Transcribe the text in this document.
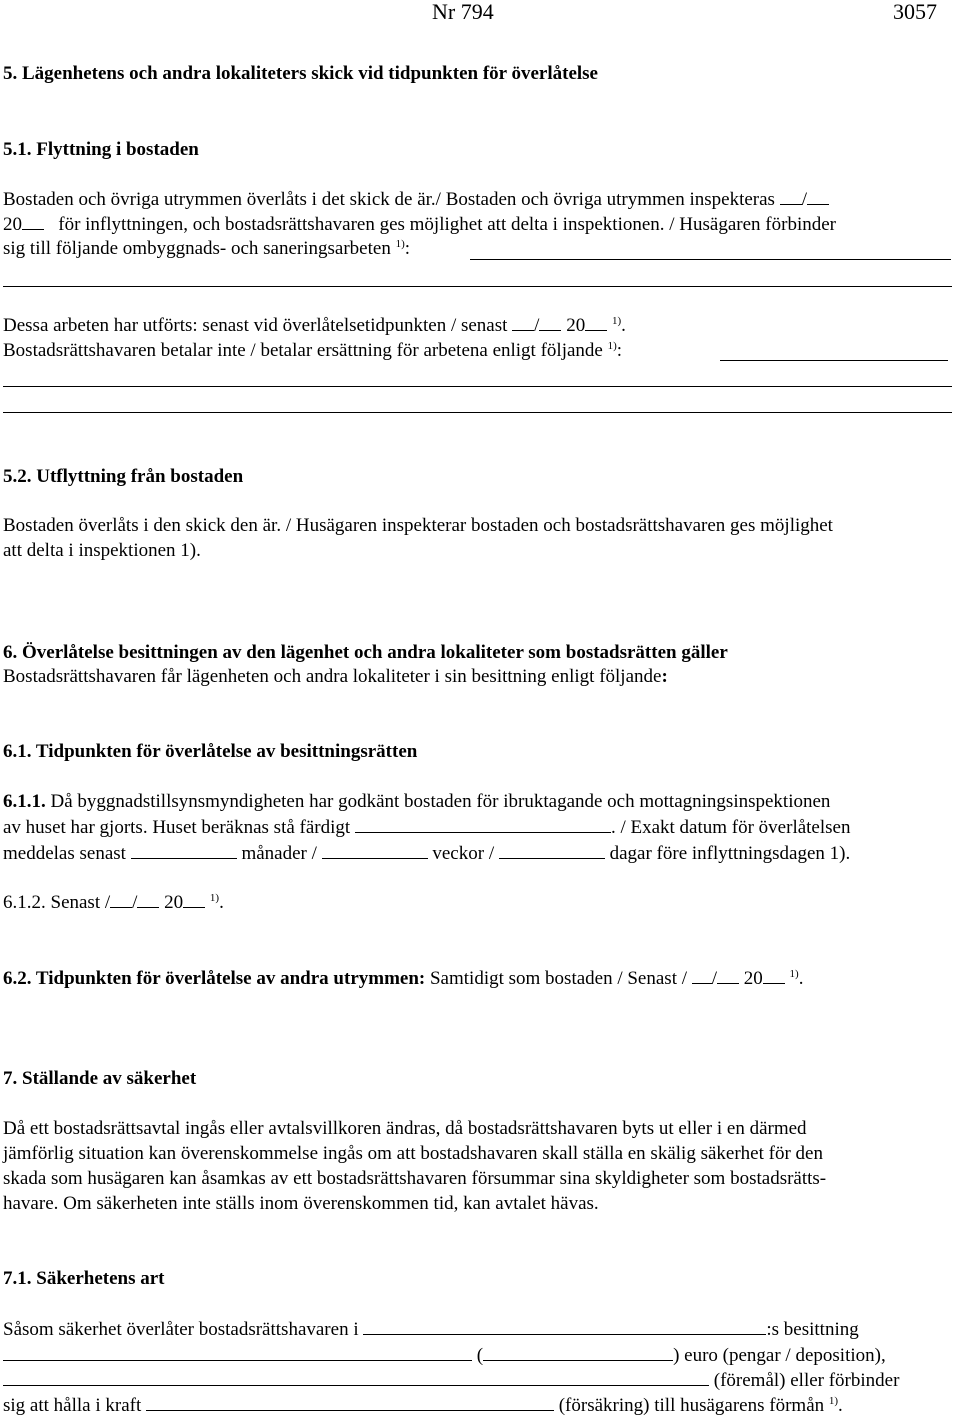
Nr 794	3057
5. Lägenhetens och andra lokaliteters skick vid tidpunkten för överlåtelse
5.1. Flyttning i bostaden
Bostaden och övriga utrymmen överlåts i det skick de är./ Bostaden och övriga utrymmen inspekteras /
20 för inflyttningen, och bostadsrättshavaren ges möjlighet att delta i inspektionen. / Husägaren förbinder
sig till följande ombyggnads- och saneringsarbeten $^{1)}$:
Dessa arbeten har utförts: senast vid överlåtelsetidpunkten / senast / 20 $^{1)}$.
Bostadsrättshavaren betalar inte / betalar ersättning för arbetena enligt följande $^{1)}$:
5.2. Utflyttning från bostaden
Bostaden överlåts i den skick den är. / Husägaren inspekterar bostaden och bostadsrättshavaren ges möjlighet
att delta i inspektionen 1).
6. Överlåtelse besittningen av den lägenhet och andra lokaliteter som bostadsrätten gäller
Bostadsrättshavaren får lägenheten och andra lokaliteter i sin besittning enligt följande:
6.1. Tidpunkten för överlåtelse av besittningsrätten
6.1.1. Då byggnadstillsynsmyndigheten har godkänt bostaden för ibruktagande och mottagningsinspektionen
av huset har gjorts. Huset beräknas stå färdigt	. / Exakt datum för överlåtelsen
meddelas senast	månader /	veckor /	dagar före inflyttningsdagen 1).
6.1.2. Senast / / 20 $^{1)}$.
6.2. Tidpunkten för överlåtelse av andra utrymmen: Samtidigt som bostaden / Senast / / 20 $^{1)}$.
7. Ställande av säkerhet
Då ett bostadsrättsavtal ingås eller avtalsvillkoren ändras, då bostadsrättshavaren byts ut eller i en därmed
jämförlig situation kan överenskommelse ingås om att bostadshavaren skall ställa en skälig säkerhet för den
skada som husägaren kan åsamkas av ett bostadsrättshavaren försummar sina skyldigheter som bostadsrätts-
havare. Om säkerheten inte ställs inom överenskommen tid, kan avtalet hävas.
7.1. Säkerhetens art
Såsom säkerhet överlåter bostadsrättshavaren i	:s besittning
(	) euro (pengar / deposition),
(föremål) eller förbinder
sig att hålla i kraft	(försäkring) till husägarens förmån $^{1)}$.
